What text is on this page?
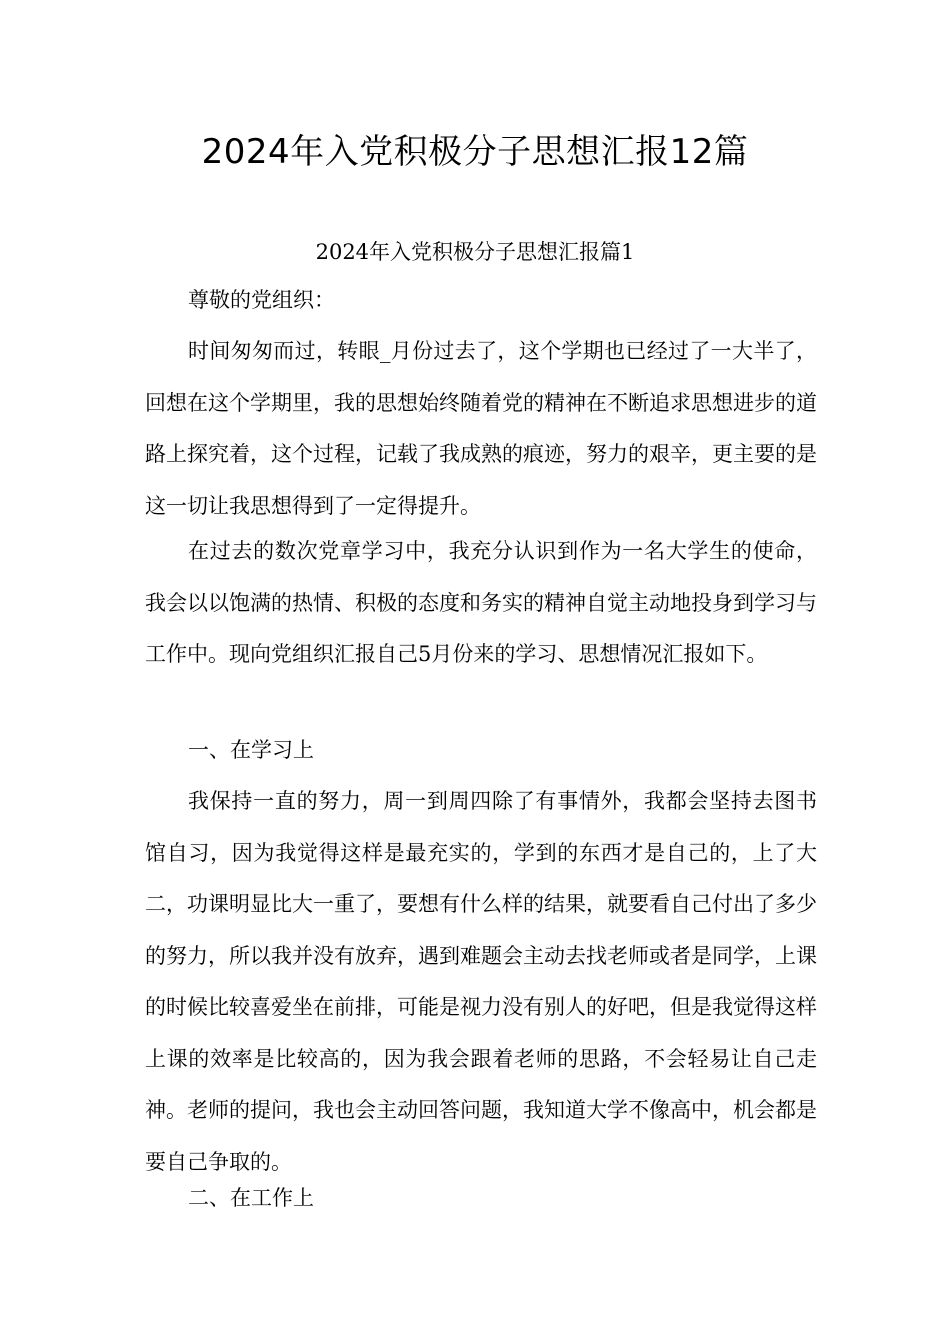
2024年入党积极分子思想汇报12篇
2024年入党积极分子思想汇报篇1

尊敬的党组织：

时间匆匆而过，转眼_月份过去了，这个学期也已经过了一大半了，回想在这个学期里，我的思想始终随着党的精神在不断追求思想进步的道路上探究着，这个过程，记载了我成熟的痕迹，努力的艰辛，更主要的是这一切让我思想得到了一定得提升。

在过去的数次党章学习中，我充分认识到作为一名大学生的使命，我会以以饱满的热情、积极的态度和务实的精神自觉主动地投身到学习与工作中。现向党组织汇报自己5月份来的学习、思想情况汇报如下。

一、在学习上

我保持一直的努力，周一到周四除了有事情外，我都会坚持去图书馆自习，因为我觉得这样是最充实的，学到的东西才是自己的，上了大二，功课明显比大一重了，要想有什么样的结果，就要看自己付出了多少的努力，所以我并没有放弃，遇到难题会主动去找老师或者是同学，上课的时候比较喜爱坐在前排，可能是视力没有别人的好吧，但是我觉得这样上课的效率是比较高的，因为我会跟着老师的思路，不会轻易让自己走神。老师的提问，我也会主动回答问题，我知道大学不像高中，机会都是要自己争取的。

二、在工作上
